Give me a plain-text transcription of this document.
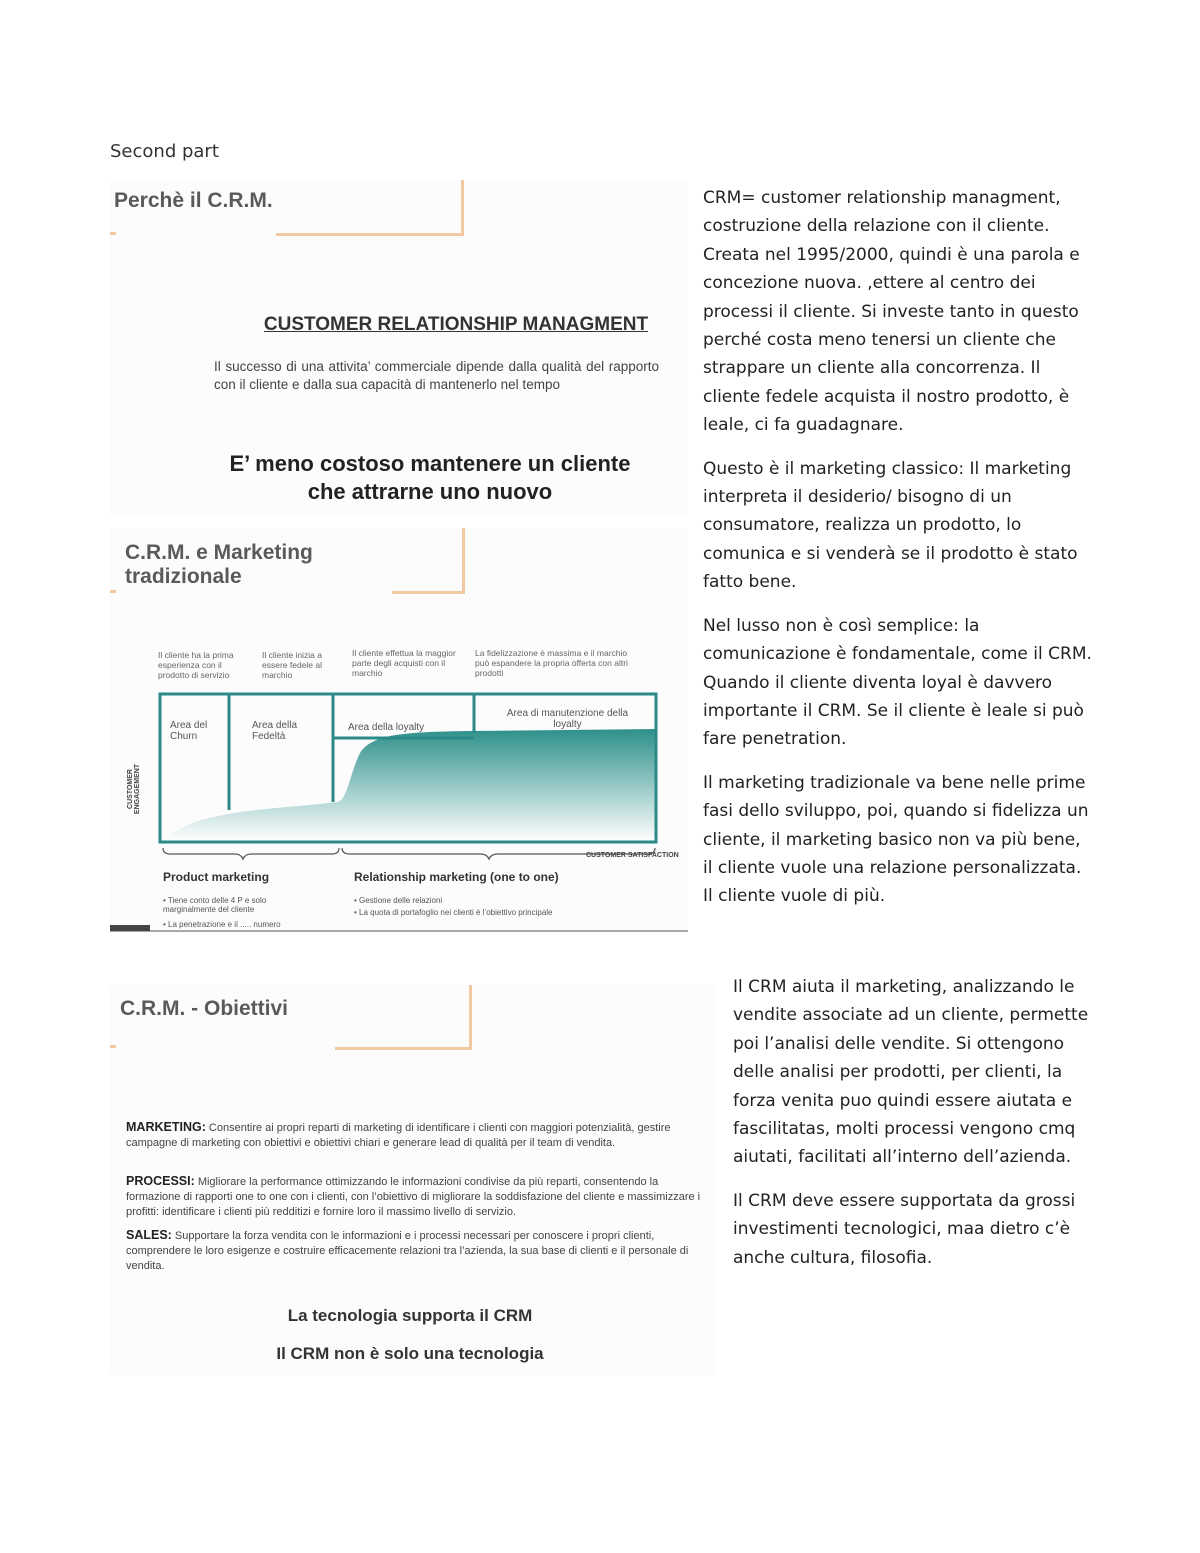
Second part
Perchè il C.R.M.
CUSTOMER RELATIONSHIP MANAGMENT
Il successo di una attivita’ commerciale dipende dalla qualità del rapporto con il cliente e dalla sua capacità di mantenerlo nel tempo
E’ meno costoso mantenere un cliente
che attrarne uno nuovo
C.R.M. e Marketing
tradizionale
Il cliente ha la prima esperienza con il prodotto di servizio
Il cliente inizia a essere fedele al marchio
Il cliente effettua la maggior parte degli acquisti con il marchio
La fidelizzazione è massima e il marchio può espandere la propria offerta con altri prodotti
Area del Churn
Area della Fedeltà
Area della loyalty
Area di manutenzione della loyalty
CUSTOMER ENGAGEMENT
CUSTOMER SATISFACTION
Product marketing	Relationship marketing (one to one)
• Tiene conto delle 4 P e solo marginalmente del cliente
• La penetrazione e il ..... numero
• Gestione delle relazioni
• La quota di portafoglio nei clienti è l’obiettivo principale
C.R.M. - Obiettivi
MARKETING: Consentire ai propri reparti di marketing di identificare i clienti con maggiori potenzialità, gestire campagne di marketing con obiettivi e obiettivi chiari e generare lead di qualità per il team di vendita.
PROCESSI: Migliorare la performance ottimizzando le informazioni condivise da più reparti, consentendo la formazione di rapporti one to one con i clienti, con l’obiettivo di migliorare la soddisfazione del cliente e massimizzare i profitti: identificare i clienti più redditizi e fornire loro il massimo livello di servizio.
SALES: Supportare la forza vendita con le informazioni e i processi necessari per conoscere i propri clienti, comprendere le loro esigenze e costruire efficacemente relazioni tra l’azienda, la sua base di clienti e il personale di vendita.
La tecnologia supporta il CRM
Il CRM non è solo una tecnologia

CRM= customer relationship managment, costruzione della relazione con il cliente. Creata nel 1995/2000, quindi è una parola e concezione nuova. ,ettere al centro dei processi il cliente. Si investe tanto in questo perché costa meno tenersi un cliente che strappare un cliente alla concorrenza. Il cliente fedele acquista il nostro prodotto, è leale, ci fa guadagnare.

Questo è il marketing classico: Il marketing interpreta il desiderio/ bisogno di un consumatore, realizza un prodotto, lo comunica e si venderà se il prodotto è stato fatto bene.

Nel lusso non è così semplice: la comunicazione è fondamentale, come il CRM. Quando il cliente diventa loyal è davvero importante il CRM. Se il cliente è leale si può fare penetration.

Il marketing tradizionale va bene nelle prime fasi dello sviluppo, poi, quando si fidelizza un cliente, il marketing basico non va più bene, il cliente vuole una relazione personalizzata. Il cliente vuole di più.

Il CRM aiuta il marketing, analizzando le vendite associate ad un cliente, permette poi l’analisi delle vendite. Si ottengono delle analisi per prodotti, per clienti, la forza venita puo quindi essere aiutata e fascilitatas, molti processi vengono cmq aiutati, facilitati all’interno dell’azienda.

Il CRM deve essere supportata da grossi investimenti tecnologici, maa dietro c’è anche cultura, filosofia.
